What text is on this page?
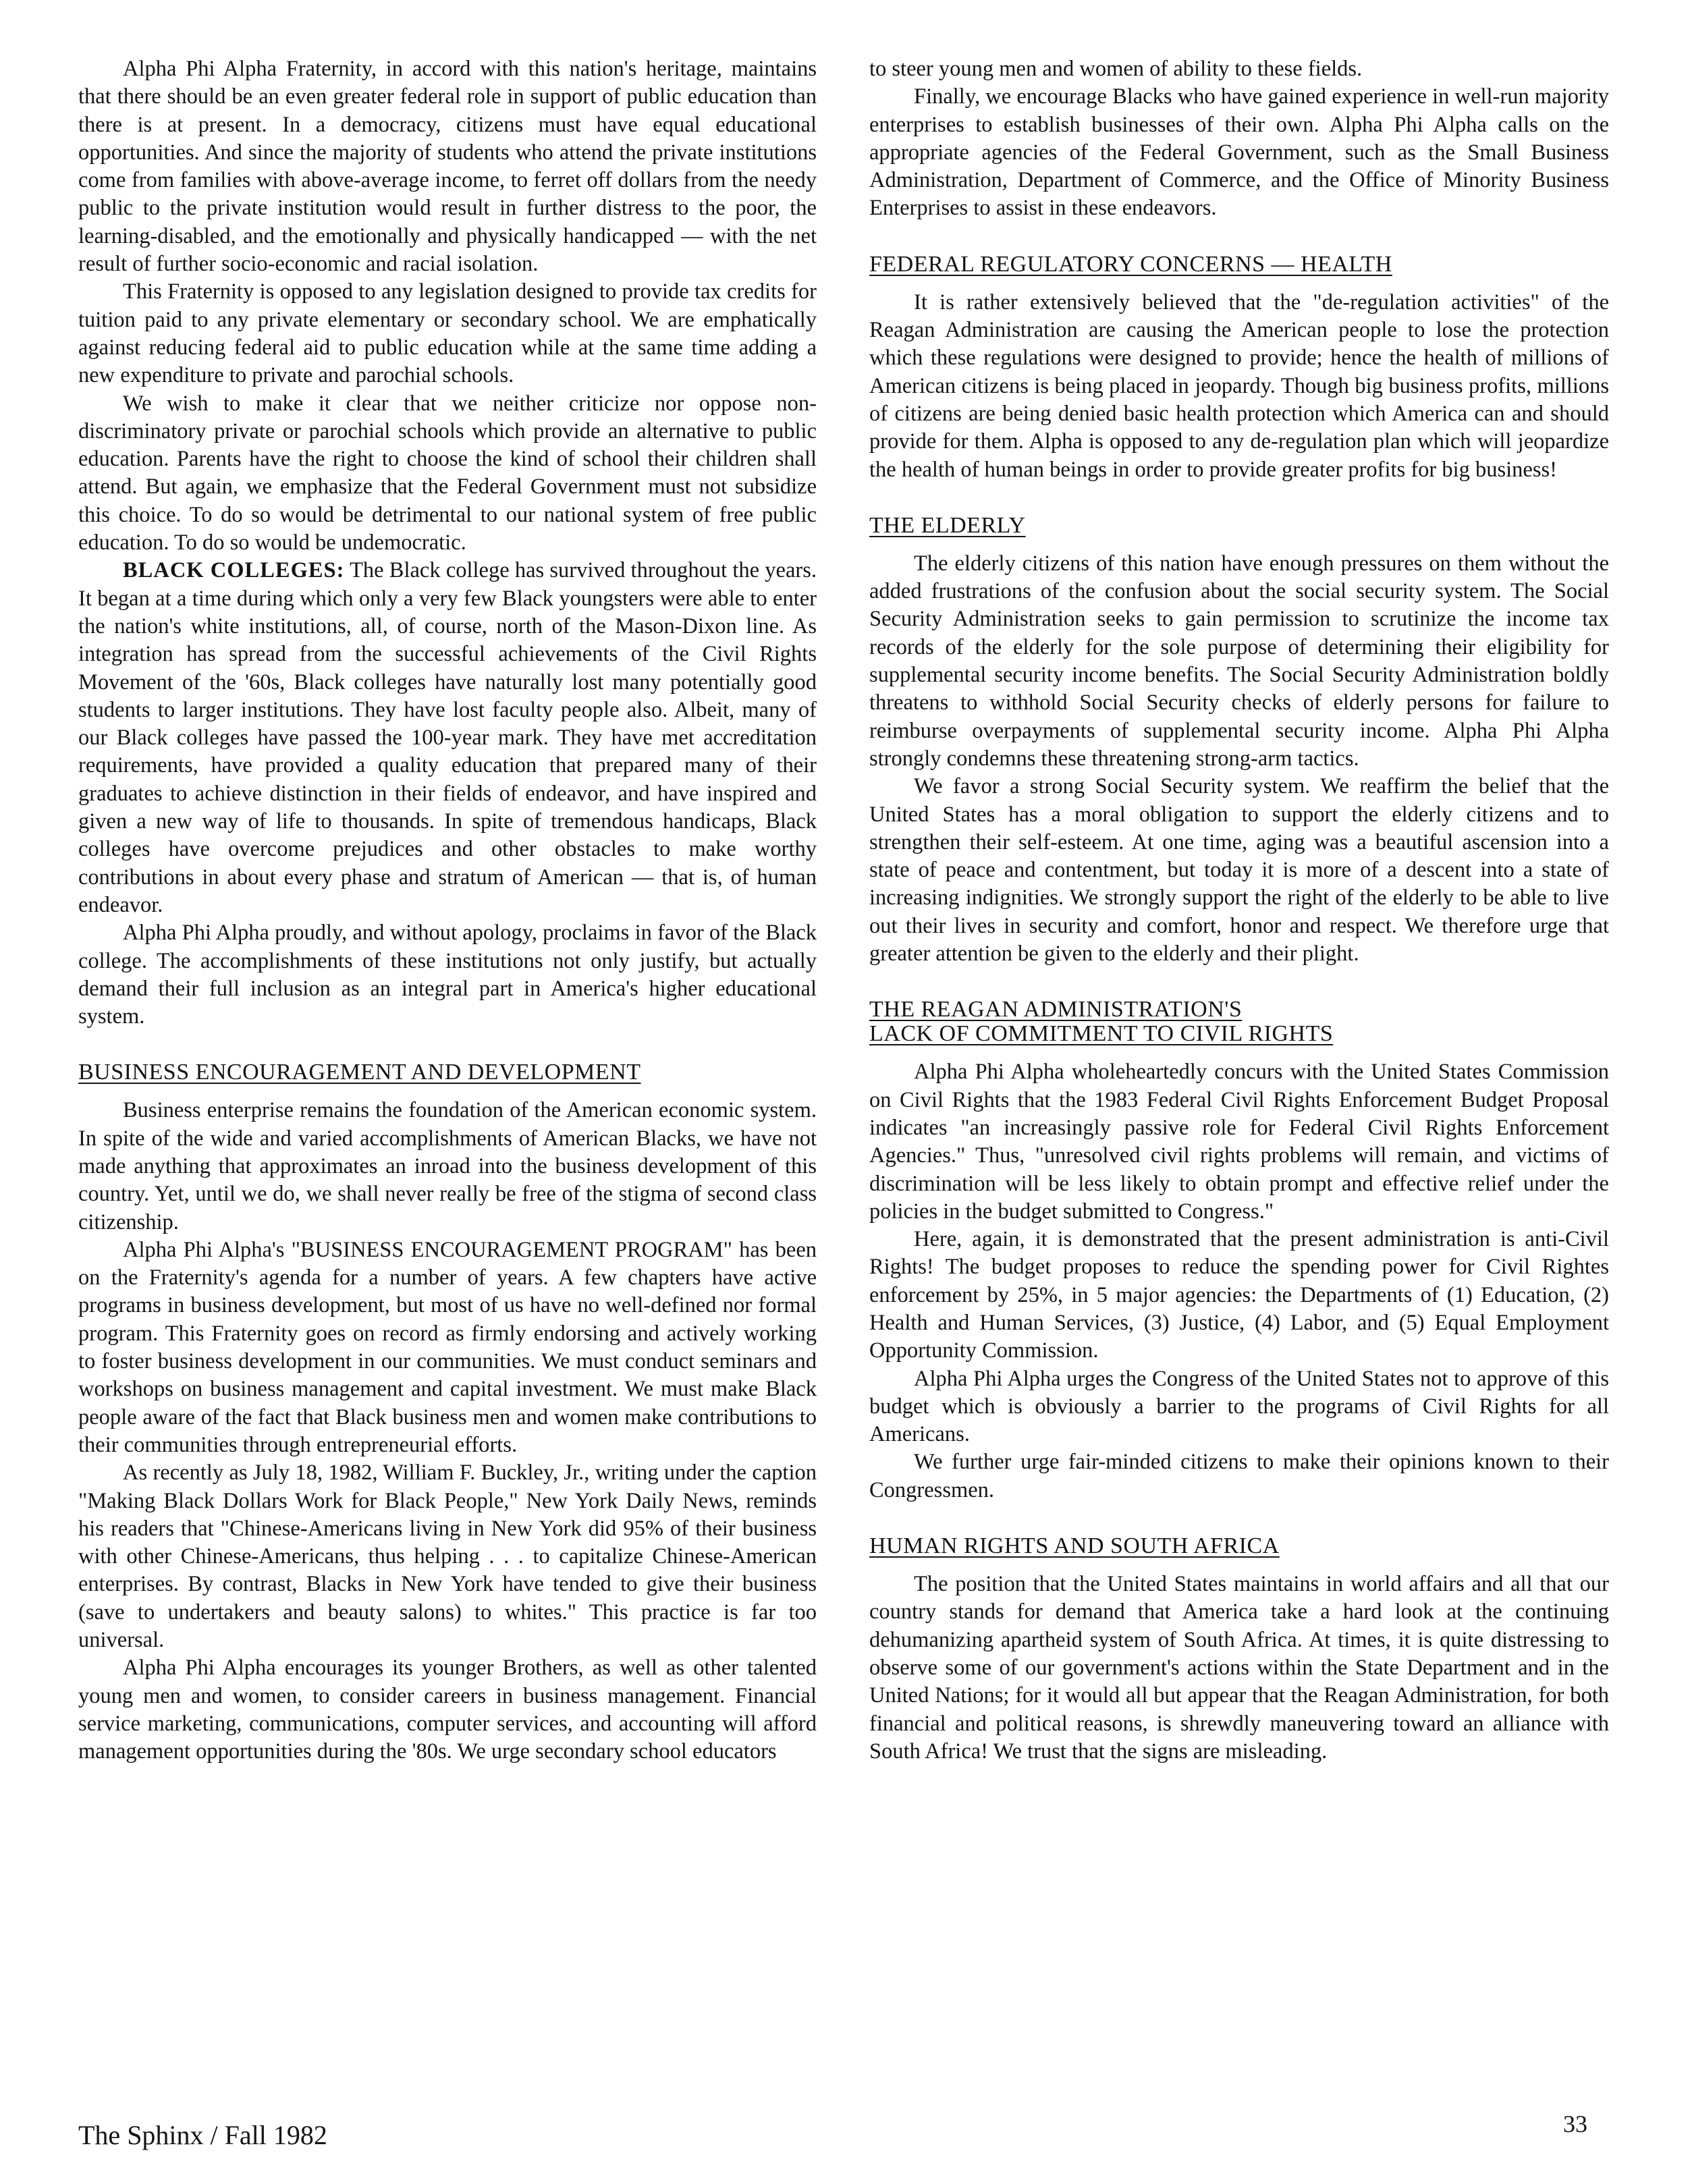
Alpha Phi Alpha Fraternity, in accord with this nation's heritage, maintains that there should be an even greater federal role in support of public education than there is at present. In a democracy, citizens must have equal educational opportunities. And since the majority of students who attend the private institutions come from families with above-average income, to ferret off dollars from the needy public to the private institution would result in further distress to the poor, the learning-disabled, and the emotionally and physically handicapped — with the net result of further socio-economic and racial isolation.

This Fraternity is opposed to any legislation designed to provide tax credits for tuition paid to any private elementary or secondary school. We are emphatically against reducing federal aid to public education while at the same time adding a new expenditure to private and parochial schools.

We wish to make it clear that we neither criticize nor oppose non-discriminatory private or parochial schools which provide an alternative to public education. Parents have the right to choose the kind of school their children shall attend. But again, we emphasize that the Federal Government must not subsidize this choice. To do so would be detrimental to our national system of free public education. To do so would be undemocratic.

BLACK COLLEGES: The Black college has survived throughout the years. It began at a time during which only a very few Black youngsters were able to enter the nation's white institutions, all, of course, north of the Mason-Dixon line. As integration has spread from the successful achievements of the Civil Rights Movement of the '60s, Black colleges have naturally lost many potentially good students to larger institutions. They have lost faculty people also. Albeit, many of our Black colleges have passed the 100-year mark. They have met accreditation requirements, have provided a quality education that prepared many of their graduates to achieve distinction in their fields of endeavor, and have inspired and given a new way of life to thousands. In spite of tremendous handicaps, Black colleges have overcome prejudices and other obstacles to make worthy contributions in about every phase and stratum of American — that is, of human endeavor.

Alpha Phi Alpha proudly, and without apology, proclaims in favor of the Black college. The accomplishments of these institutions not only justify, but actually demand their full inclusion as an integral part in America's higher educational system.

BUSINESS ENCOURAGEMENT AND DEVELOPMENT

Business enterprise remains the foundation of the American economic system. In spite of the wide and varied accomplishments of American Blacks, we have not made anything that approximates an inroad into the business development of this country. Yet, until we do, we shall never really be free of the stigma of second class citizenship.

Alpha Phi Alpha's "BUSINESS ENCOURAGEMENT PROGRAM" has been on the Fraternity's agenda for a number of years. A few chapters have active programs in business development, but most of us have no well-defined nor formal program. This Fraternity goes on record as firmly endorsing and actively working to foster business development in our communities. We must conduct seminars and workshops on business management and capital investment. We must make Black people aware of the fact that Black business men and women make contributions to their communities through entrepreneurial efforts.

As recently as July 18, 1982, William F. Buckley, Jr., writing under the caption "Making Black Dollars Work for Black People," New York Daily News, reminds his readers that "Chinese-Americans living in New York did 95% of their business with other Chinese-Americans, thus helping . . . to capitalize Chinese-American enterprises. By contrast, Blacks in New York have tended to give their business (save to undertakers and beauty salons) to whites." This practice is far too universal.

Alpha Phi Alpha encourages its younger Brothers, as well as other talented young men and women, to consider careers in business management. Financial service marketing, communications, computer services, and accounting will afford management opportunities during the '80s. We urge secondary school educators

to steer young men and women of ability to these fields.

Finally, we encourage Blacks who have gained experience in well-run majority enterprises to establish businesses of their own. Alpha Phi Alpha calls on the appropriate agencies of the Federal Government, such as the Small Business Administration, Department of Commerce, and the Office of Minority Business Enterprises to assist in these endeavors.

FEDERAL REGULATORY CONCERNS — HEALTH

It is rather extensively believed that the "de-regulation activities" of the Reagan Administration are causing the American people to lose the protection which these regulations were designed to provide; hence the health of millions of American citizens is being placed in jeopardy. Though big business profits, millions of citizens are being denied basic health protection which America can and should provide for them. Alpha is opposed to any de-regulation plan which will jeopardize the health of human beings in order to provide greater profits for big business!

THE ELDERLY

The elderly citizens of this nation have enough pressures on them without the added frustrations of the confusion about the social security system. The Social Security Administration seeks to gain permission to scrutinize the income tax records of the elderly for the sole purpose of determining their eligibility for supplemental security income benefits. The Social Security Administration boldly threatens to withhold Social Security checks of elderly persons for failure to reimburse overpayments of supplemental security income. Alpha Phi Alpha strongly condemns these threatening strong-arm tactics.

We favor a strong Social Security system. We reaffirm the belief that the United States has a moral obligation to support the elderly citizens and to strengthen their self-esteem. At one time, aging was a beautiful ascension into a state of peace and contentment, but today it is more of a descent into a state of increasing indignities. We strongly support the right of the elderly to be able to live out their lives in security and comfort, honor and respect. We therefore urge that greater attention be given to the elderly and their plight.

THE REAGAN ADMINISTRATION'S
LACK OF COMMITMENT TO CIVIL RIGHTS

Alpha Phi Alpha wholeheartedly concurs with the United States Commission on Civil Rights that the 1983 Federal Civil Rights Enforcement Budget Proposal indicates "an increasingly passive role for Federal Civil Rights Enforcement Agencies." Thus, "unresolved civil rights problems will remain, and victims of discrimination will be less likely to obtain prompt and effective relief under the policies in the budget submitted to Congress."

Here, again, it is demonstrated that the present administration is anti-Civil Rights! The budget proposes to reduce the spending power for Civil Rightes enforcement by 25%, in 5 major agencies: the Departments of (1) Education, (2) Health and Human Services, (3) Justice, (4) Labor, and (5) Equal Employment Opportunity Commission.

Alpha Phi Alpha urges the Congress of the United States not to approve of this budget which is obviously a barrier to the programs of Civil Rights for all Americans.

We further urge fair-minded citizens to make their opinions known to their Congressmen.

HUMAN RIGHTS AND SOUTH AFRICA

The position that the United States maintains in world affairs and all that our country stands for demand that America take a hard look at the continuing dehumanizing apartheid system of South Africa. At times, it is quite distressing to observe some of our government's actions within the State Department and in the United Nations; for it would all but appear that the Reagan Administration, for both financial and political reasons, is shrewdly maneuvering toward an alliance with South Africa! We trust that the signs are misleading.

The Sphinx / Fall 1982	33
